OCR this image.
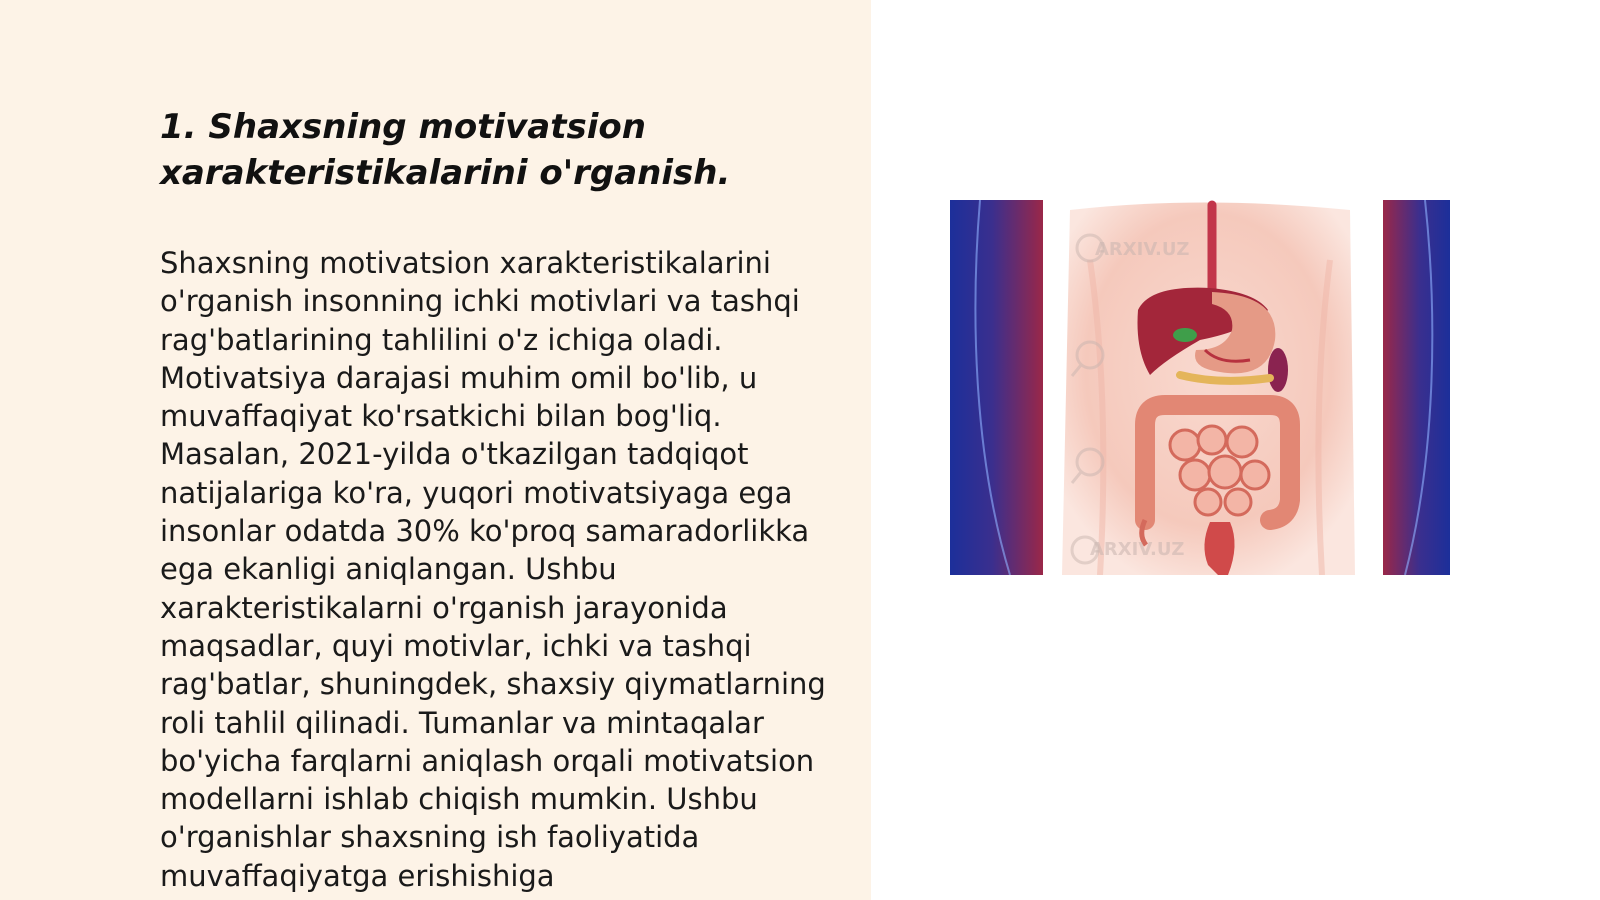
1. Shaxsning motivatsion xarakteristikalarini o'rganish.

Shaxsning motivatsion xarakteristikalarini o'rganish insonning ichki motivlari va tashqi rag'batlarining tahlilini o'z ichiga oladi. Motivatsiya darajasi muhim omil bo'lib, u muvaffaqiyat ko'rsatkichi bilan bog'liq. Masalan, 2021-yilda o'tkazilgan tadqiqot natijalariga ko'ra, yuqori motivatsiyaga ega insonlar odatda 30% ko'proq samaradorlikka ega ekanligi aniqlangan. Ushbu xarakteristikalarni o'rganish jarayonida maqsadlar, quyi motivlar, ichki va tashqi rag'batlar, shuningdek, shaxsiy qiymatlarning roli tahlil qilinadi. Tumanlar va mintaqalar bo'yicha farqlarni aniqlash orqali motivatsion modellarni ishlab chiqish mumkin. Ushbu o'rganishlar shaxsning ish faoliyatida muvaffaqiyatga erishishiga

ARXIV.UZ
ARXIV.UZ
